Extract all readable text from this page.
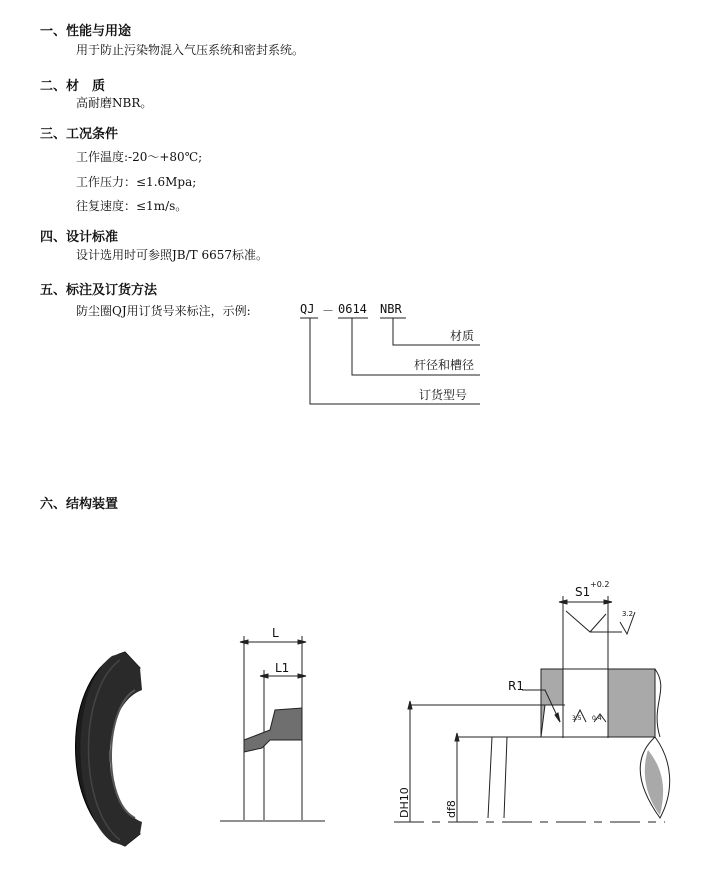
一、性能与用途
用于防止污染物混入气压系统和密封系统。
二、材　质
高耐磨NBR。
三、工况条件
工作温度:-20～+80℃;
工作压力：≤1.6Mpa;
往复速度：≤1m/s。
四、设计标准
设计选用时可参照JB/T 6657标准。
五、标注及订货方法
防尘圈QJ用订货号来标注，示例:	QJ － 0614 NBR
材质
杆径和槽径
订货型号
六、结构装置
L
L1
S1
+0.2
R1
3.2
3.5 0.4
DH10	df8
